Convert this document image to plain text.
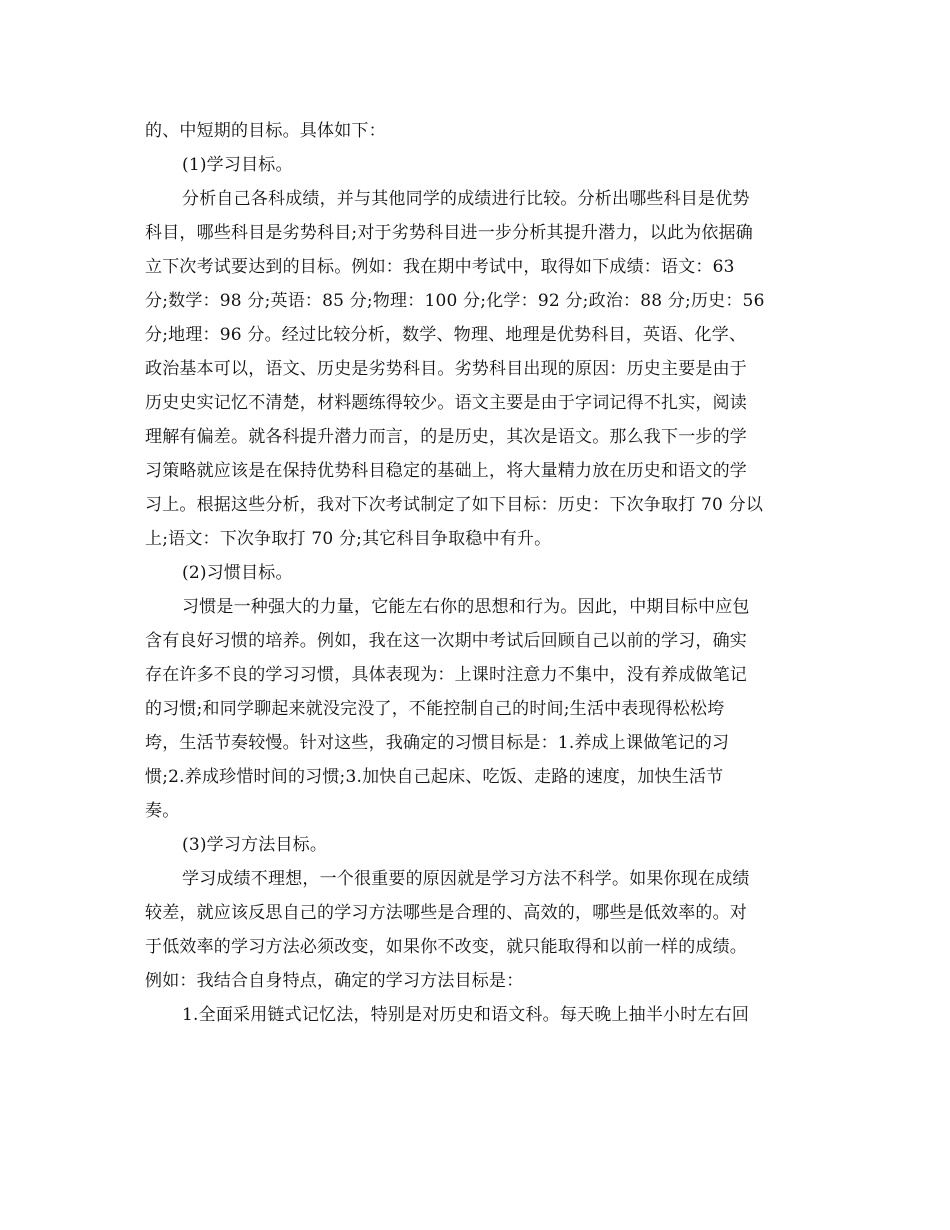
的、中短期的目标。具体如下：
(1)学习目标。
分析自己各科成绩，并与其他同学的成绩进行比较。分析出哪些科目是优势
科目，哪些科目是劣势科目;对于劣势科目进一步分析其提升潜力，以此为依据确
立下次考试要达到的目标。例如：我在期中考试中，取得如下成绩：语文：63
分;数学：98 分;英语：85 分;物理：100 分;化学：92 分;政治：88 分;历史：56
分;地理：96 分。经过比较分析，数学、物理、地理是优势科目，英语、化学、
政治基本可以，语文、历史是劣势科目。劣势科目出现的原因：历史主要是由于
历史史实记忆不清楚，材料题练得较少。语文主要是由于字词记得不扎实，阅读
理解有偏差。就各科提升潜力而言，的是历史，其次是语文。那么我下一步的学
习策略就应该是在保持优势科目稳定的基础上，将大量精力放在历史和语文的学
习上。根据这些分析，我对下次考试制定了如下目标：历史：下次争取打 70 分以
上;语文：下次争取打 70 分;其它科目争取稳中有升。
(2)习惯目标。
习惯是一种强大的力量，它能左右你的思想和行为。因此，中期目标中应包
含有良好习惯的培养。例如，我在这一次期中考试后回顾自己以前的学习，确实
存在许多不良的学习习惯，具体表现为：上课时注意力不集中，没有养成做笔记
的习惯;和同学聊起来就没完没了，不能控制自己的时间;生活中表现得松松垮
垮，生活节奏较慢。针对这些，我确定的习惯目标是：1.养成上课做笔记的习
惯;2.养成珍惜时间的习惯;3.加快自己起床、吃饭、走路的速度，加快生活节
奏。
(3)学习方法目标。
学习成绩不理想，一个很重要的原因就是学习方法不科学。如果你现在成绩
较差，就应该反思自己的学习方法哪些是合理的、高效的，哪些是低效率的。对
于低效率的学习方法必须改变，如果你不改变，就只能取得和以前一样的成绩。
例如：我结合自身特点，确定的学习方法目标是：
1.全面采用链式记忆法，特别是对历史和语文科。每天晚上抽半小时左右回
